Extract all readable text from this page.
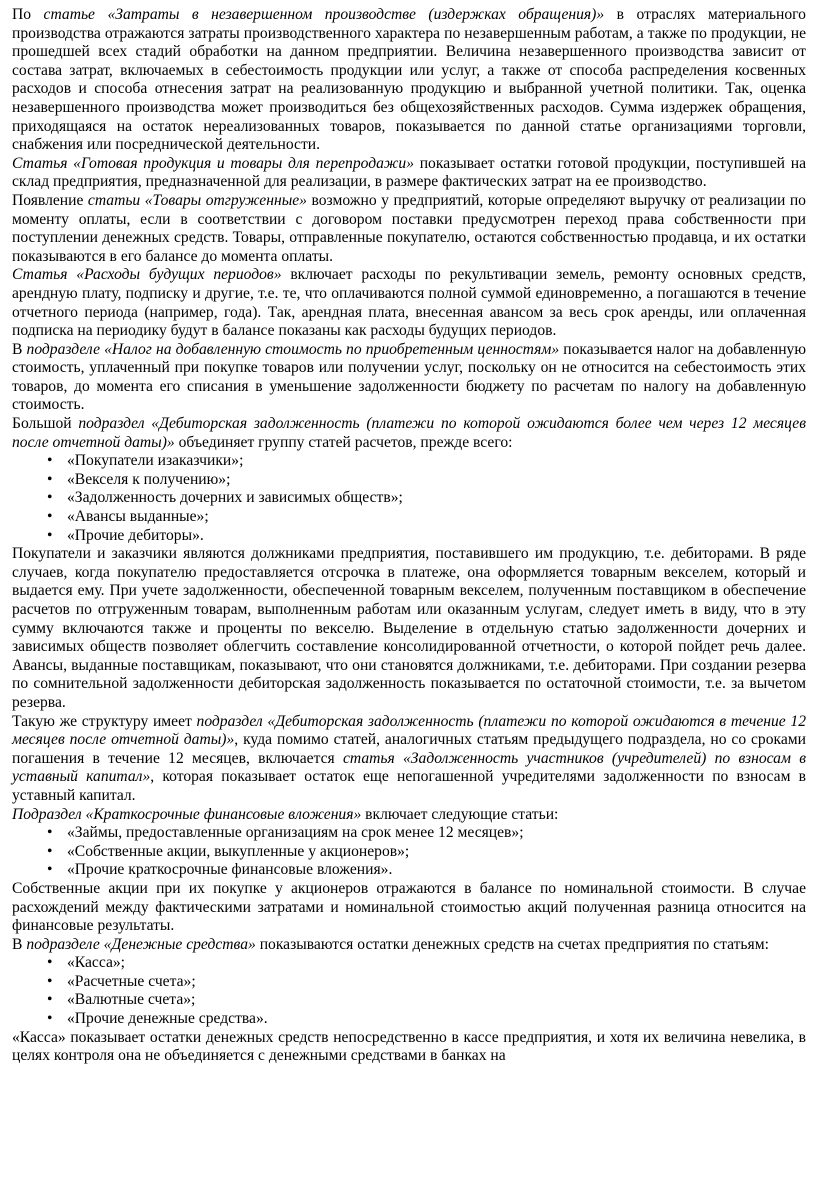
По статье «Затраты в незавершенном производстве (издержках обращения)» в отраслях материального производства отражаются затраты производственного характера по незавершенным работам, а также по продукции, не прошедшей всех стадий обработки на данном предприятии. Величина незавершенного производства зависит от состава затрат, включаемых в себестоимость продукции или услуг, а также от способа распределения косвенных расходов и способа отнесения затрат на реализованную продукцию и выбранной учетной политики. Так, оценка незавершенного производства может производиться без общехозяйственных расходов. Сумма издержек обращения, приходящаяся на остаток нереализованных товаров, показывается по данной статье организациями торговли, снабжения или посреднической деятельности.

Статья «Готовая продукция и товары для перепродажи» показывает остатки готовой продукции, поступившей на склад предприятия, предназначенной для реализации, в размере фактических затрат на ее производство.

Появление статьи «Товары отгруженные» возможно у предприятий, которые определяют выручку от реализации по моменту оплаты, если в соответствии с договором поставки предусмотрен переход права собственности при поступлении денежных средств. Товары, отправленные покупателю, остаются собственностью продавца, и их остатки показываются в его балансе до момента оплаты.

Статья «Расходы будущих периодов» включает расходы по рекультивации земель, ремонту основных средств, арендную плату, подписку и другие, т.е. те, что оплачиваются полной суммой единовременно, а погашаются в течение отчетного периода (например, года). Так, арендная плата, внесенная авансом за весь срок аренды, или оплаченная подписка на периодику будут в балансе показаны как расходы будущих периодов.

В подразделе «Налог на добавленную стоимость по приобретенным ценностям» показывается налог на добавленную стоимость, уплаченный при покупке товаров или получении услуг, поскольку он не относится на себестоимость этих товаров, до момента его списания в уменьшение задолженности бюджету по расчетам по налогу на добавленную стоимость.

Большой подраздел «Дебиторская задолженность (платежи по которой ожидаются более чем через 12 месяцев после отчетной даты)» объединяет группу статей расчетов, прежде всего:

• «Покупатели изаказчики»;
• «Векселя к получению»;
• «Задолженность дочерних и зависимых обществ»;
• «Авансы выданные»;
• «Прочие дебиторы».

Покупатели и заказчики являются должниками предприятия, поставившего им продукцию, т.е. дебиторами. В ряде случаев, когда покупателю предоставляется отсрочка в платеже, она оформляется товарным векселем, который и выдается ему. При учете задолженности, обеспеченной товарным векселем, полученным поставщиком в обеспечение расчетов по отгруженным товарам, выполненным работам или оказанным услугам, следует иметь в виду, что в эту сумму включаются также и проценты по векселю. Выделение в отдельную статью задолженности дочерних и зависимых обществ позволяет облегчить составление консолидированной отчетности, о которой пойдет речь далее. Авансы, выданные поставщикам, показывают, что они становятся должниками, т.е. дебиторами. При создании резерва по сомнительной задолженности дебиторская задолженность показывается по остаточной стоимости, т.е. за вычетом резерва.

Такую же структуру имеет подраздел «Дебиторская задолженность (платежи по которой ожидаются в течение 12 месяцев после отчетной даты)», куда помимо статей, аналогичных статьям предыдущего подраздела, но со сроками погашения в течение 12 месяцев, включается статья «Задолженность участников (учредителей) по взносам в уставный капитал», которая показывает остаток еще непогашенной учредителями задолженности по взносам в уставный капитал.

Подраздел «Краткосрочные финансовые вложения» включает следующие статьи:

• «Займы, предоставленные организациям на срок менее 12 месяцев»;
• «Собственные акции, выкупленные у акционеров»;
• «Прочие краткосрочные финансовые вложения».

Собственные акции при их покупке у акционеров отражаются в балансе по номинальной стоимости. В случае расхождений между фактическими затратами и номинальной стоимостью акций полученная разница относится на финансовые результаты.

В подразделе «Денежные средства» показываются остатки денежных средств на счетах предприятия по статьям:

• «Касса»;
• «Расчетные счета»;
• «Валютные счета»;
• «Прочие денежные средства».

«Касса» показывает остатки денежных средств непосредственно в кассе предприятия, и хотя их величина невелика, в целях контроля она не объединяется с денежными средствами в банках на
